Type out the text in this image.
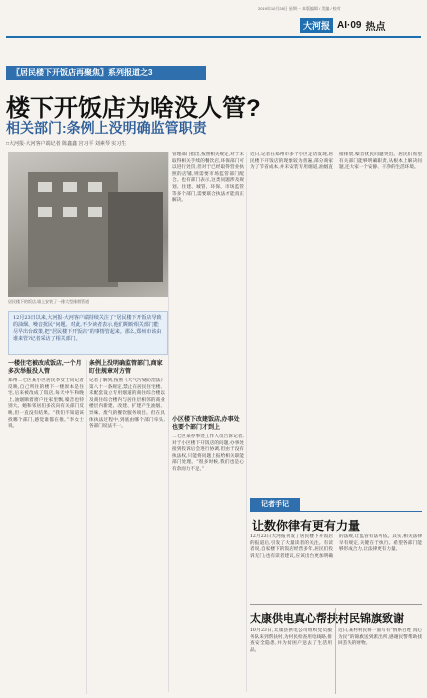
2019年10月28日 星期一 本版编辑 / 美编 / 校对
大河报 AI·09 热点
〖居民楼下开饭店再聚焦〗系列报道之3
楼下开饭店为啥没人管?
相关部门:条例上没明确监管职责
□大河报·大河客户端记者 陈鑫鑫 宫习平 刘素琴 实习生
居民楼下的饭店,墙上安装了一排大型排烟管道
12月23日以来,大河报·大河客户端持续关注了“居民楼下开饭店导致的油烟、噪音扰民”问题。对此,不少读者表示,他们期盼相关部门能尽早出台政策,把“居民楼下开饭店”的事情管起来。那么,郑州市该由谁来管?记者采访了相关部门。
一楼住宅被改成饭店,一个月多次举报没人管
郑州二七区某小区居民李女士向记者反映,自己所住的楼下一楼原本是住宅,后来被改成了饭店,每天中午和晚上,油烟顺着窗户往家里飘,噪音也特别大。她和邻居们多次向有关部门反映,但一直没有结果。“我们不知道该找哪个部门,感觉谁都在推。”李女士说。
条例上没明确监管部门,商家盯住规章对方管
记者了解到,按照《大气污染防治法》第八十一条规定,禁止在居民住宅楼、未配套设立专用烟道的商住综合楼以及商住综合楼内与居住层相邻的商业楼层内新建、改建、扩建产生油烟、异味、废气的餐饮服务项目。但在具体执法过程中,到底由哪个部门牵头,各部门说法不一。
管理部门指出,按照相关规定,对于未取得相关手续的餐饮店,环保部门可以进行处罚,但对于已经取得营业执照的店铺,则需要市场监管部门配合。也有部门表示,这类问题涉及规划、住建、城管、环保、市场监管等多个部门,需要联合执法才能真正解决。
小区楼下改建饭店,办事处也要个部门才到上
二七区某办事处工作人员告诉记者,对于小区楼下开饭店的问题,办事处接到投诉后会进行协调,但由于没有执法权,只能将问题上报给相关职能部门处理。“很多时候,我们也是心有余而力不足。”
近日,记者在郑州市多个小区走访发现,居民楼下开饭店的现象较为普遍,部分商家为了节省成本,并未安装专用烟道,油烟直接排放,噪音扰民问题突出。居民们希望有关部门能够明确职责,从根本上解决问题,还大家一个安静、干净的生活环境。
记者手记
让数你律有更有力量
12月23日大河报刊发了居民楼下开饭店的报道后,引发了大量读者的关注。有读者说,自家楼下的饭店经营多年,居民们投诉无门;也有读者建议,应该出台更加明确的法规,让监管有法可依。其实,相关法律早有规定,关键在于执行。希望各部门能够形成合力,让法律更有力量。
太康供电真心帮扶 村民锦旗致谢
10月23日,太康县供电公司组织党员服务队来到帮扶村,为村民检查用电线路,排查安全隐患,并为贫困户送去了生活用品。
近日,某村村民将一面写有“情系百姓 真心为民”的锦旗送到派出所,感谢民警帮助找回丢失的财物。
